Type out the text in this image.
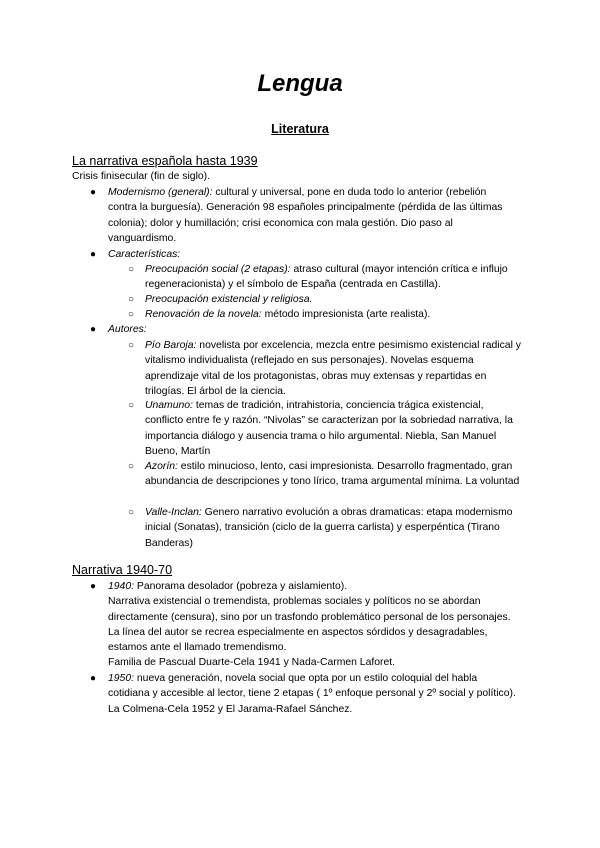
Lengua
Literatura
La narrativa española hasta 1939
Crisis finisecular (fin de siglo).
● Modernismo (general): cultural y universal, pone en duda todo lo anterior (rebelión contra la burguesía). Generación 98 españoles principalmente (pérdida de las últimas colonia); dolor y humillación; crisi economica con mala gestión. Dio paso al vanguardismo.
● Características:
○ Preocupación social (2 etapas): atraso cultural (mayor intención crítica e influjo regeneracionista) y el símbolo de España (centrada en Castilla).
○ Preocupación existencial y religiosa.
○ Renovación de la novela: método impresionista (arte realista).
● Autores:
○ Pío Baroja: novelista por excelencia, mezcla entre pesimismo existencial radical y vitalismo individualista (reflejado en sus personajes). Novelas esquema aprendizaje vital de los protagonistas, obras muy extensas y repartidas en trilogías. El árbol de la ciencia.
○ Unamuno: temas de tradición, intrahistoria, conciencia trágica existencial, conflicto entre fe y razón. “Nivolas” se caracterizan por la sobriedad narrativa, la importancia diálogo y ausencia trama o hilo argumental. Niebla, San Manuel Bueno, Martín
○ Azorín: estilo minucioso, lento, casi impresionista. Desarrollo fragmentado, gran abundancia de descripciones y tono lírico, trama argumental mínima. La voluntad
○ Valle-Inclan: Genero narrativo evolución a obras dramaticas: etapa modernismo inicial (Sonatas), transición (ciclo de la guerra carlista) y esperpéntica (Tirano Banderas)
Narrativa 1940-70
● 1940: Panorama desolador (pobreza y aislamiento).
Narrativa existencial o tremendista, problemas sociales y políticos no se abordan directamente (censura), sino por un trasfondo problemático personal de los personajes. La línea del autor se recrea especialmente en aspectos sórdidos y desagradables, estamos ante el llamado tremendismo.
Familia de Pascual Duarte-Cela 1941 y Nada-Carmen Laforet.
● 1950: nueva generación, novela social que opta por un estilo coloquial del habla cotidiana y accesible al lector, tiene 2 etapas ( 1º enfoque personal y 2º social y político).
La Colmena-Cela 1952 y El Jarama-Rafael Sánchez.
